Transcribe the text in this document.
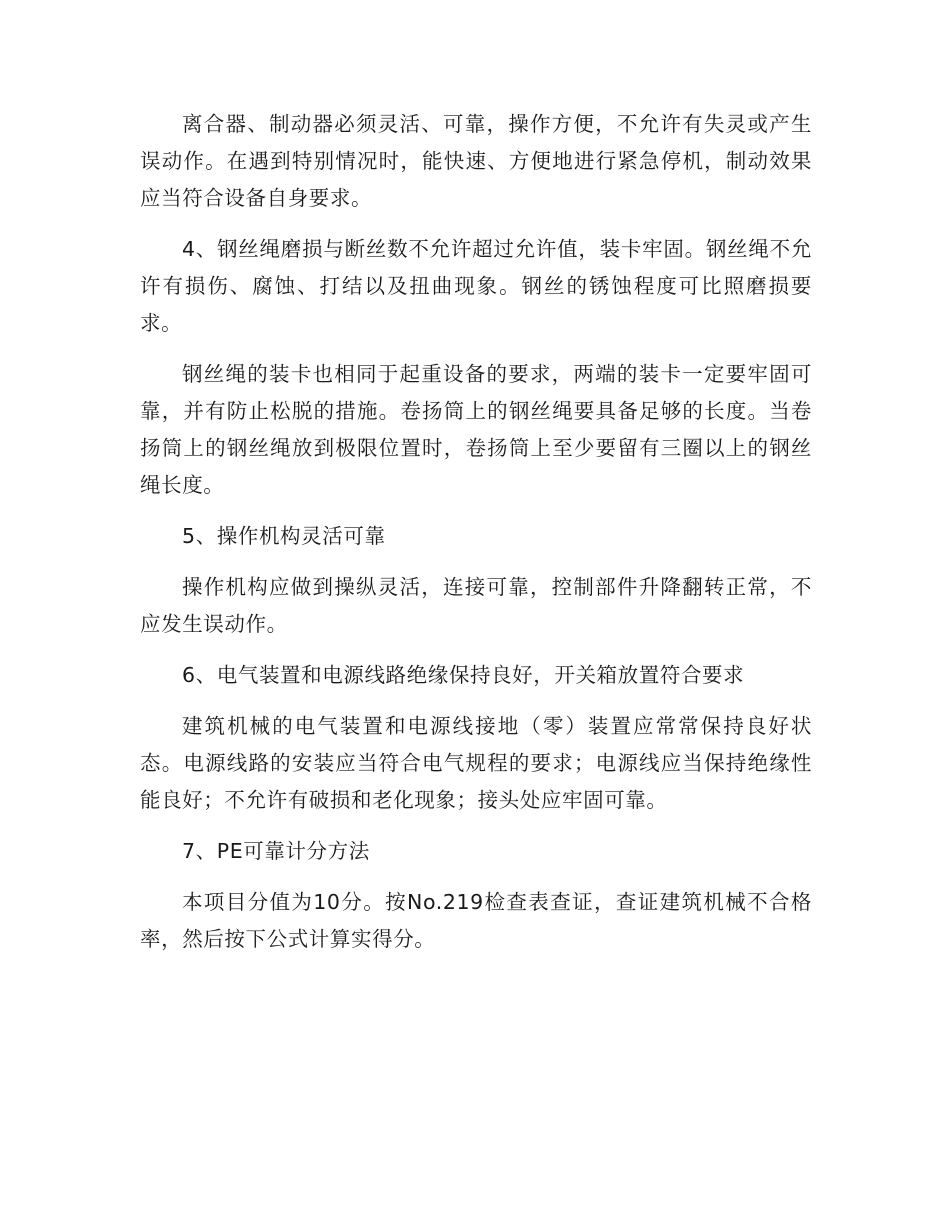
离合器、制动器必须灵活、可靠，操作方便，不允许有失灵或产生误动作。在遇到特别情况时，能快速、方便地进行紧急停机，制动效果应当符合设备自身要求。

4、钢丝绳磨损与断丝数不允许超过允许值，装卡牢固。钢丝绳不允许有损伤、腐蚀、打结以及扭曲现象。钢丝的锈蚀程度可比照磨损要求。

钢丝绳的装卡也相同于起重设备的要求，两端的装卡一定要牢固可靠，并有防止松脱的措施。卷扬筒上的钢丝绳要具备足够的长度。当卷扬筒上的钢丝绳放到极限位置时，卷扬筒上至少要留有三圈以上的钢丝绳长度。

5、操作机构灵活可靠

操作机构应做到操纵灵活，连接可靠，控制部件升降翻转正常，不应发生误动作。

6、电气装置和电源线路绝缘保持良好，开关箱放置符合要求

建筑机械的电气装置和电源线接地（零）装置应常常保持良好状态。电源线路的安装应当符合电气规程的要求；电源线应当保持绝缘性能良好；不允许有破损和老化现象；接头处应牢固可靠。

7、PE可靠计分方法

本项目分值为10分。按No.219检查表查证，查证建筑机械不合格率，然后按下公式计算实得分。
